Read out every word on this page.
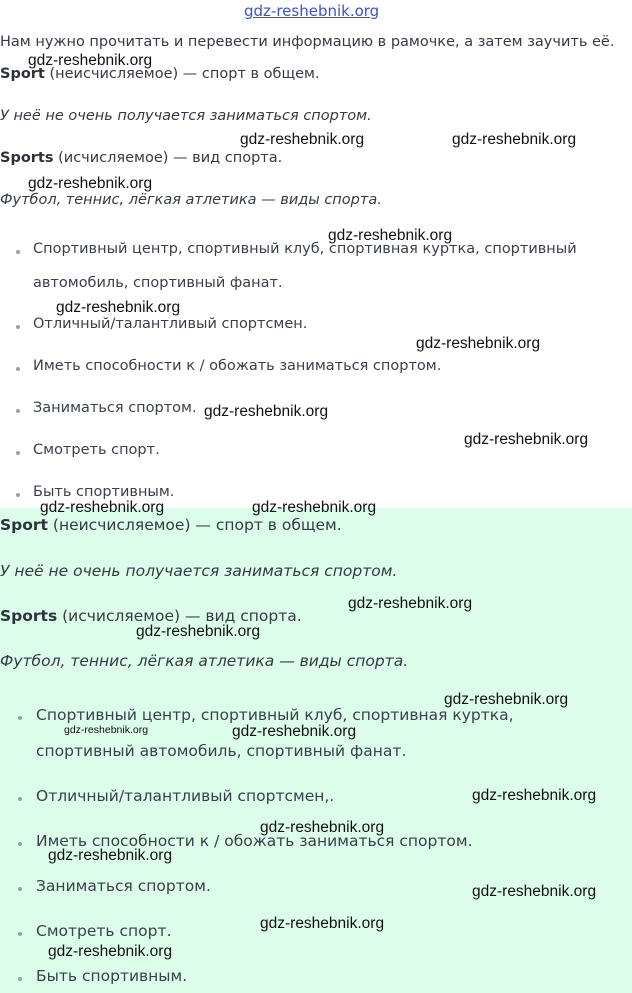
gdz-reshebnik.org
Нам нужно прочитать и перевести информацию в рамочке, а затем заучить её.
Sport (неисчисляемое) — спорт в общем.
У неё не очень получается заниматься спортом.
Sports (исчисляемое) — вид спорта.
Футбол, теннис, лёгкая атлетика — виды спорта.
Спортивный центр, спортивный клуб, спортивная куртка, спортивный
автомобиль, спортивный фанат.
Отличный/талантливый спортсмен.
Иметь способности к / обожать заниматься спортом.
Заниматься спортом.
Смотреть спорт.
Быть спортивным.
Sport (неисчисляемое) — спорт в общем.
У неё не очень получается заниматься спортом.
Sports (исчисляемое) — вид спорта.
Футбол, теннис, лёгкая атлетика — виды спорта.
Спортивный центр, спортивный клуб, спортивная куртка,
спортивный автомобиль, спортивный фанат.
Отличный/талантливый спортсмен,.
Иметь способности к / обожать заниматься спортом.
Заниматься спортом.
Смотреть спорт.
Быть спортивным.
gdz-reshebnik.org
gdz-reshebnik.org	gdz-reshebnik.org
gdz-reshebnik.org
gdz-reshebnik.org
gdz-reshebnik.org
gdz-reshebnik.org
gdz-reshebnik.org
gdz-reshebnik.org
gdz-reshebnik.org	gdz-reshebnik.org
gdz-reshebnik.org
gdz-reshebnik.org
gdz-reshebnik.org
gdz-reshebnik.org	gdz-reshebnik.org
gdz-reshebnik.org
gdz-reshebnik.org
gdz-reshebnik.org
gdz-reshebnik.org
gdz-reshebnik.org
gdz-reshebnik.org
